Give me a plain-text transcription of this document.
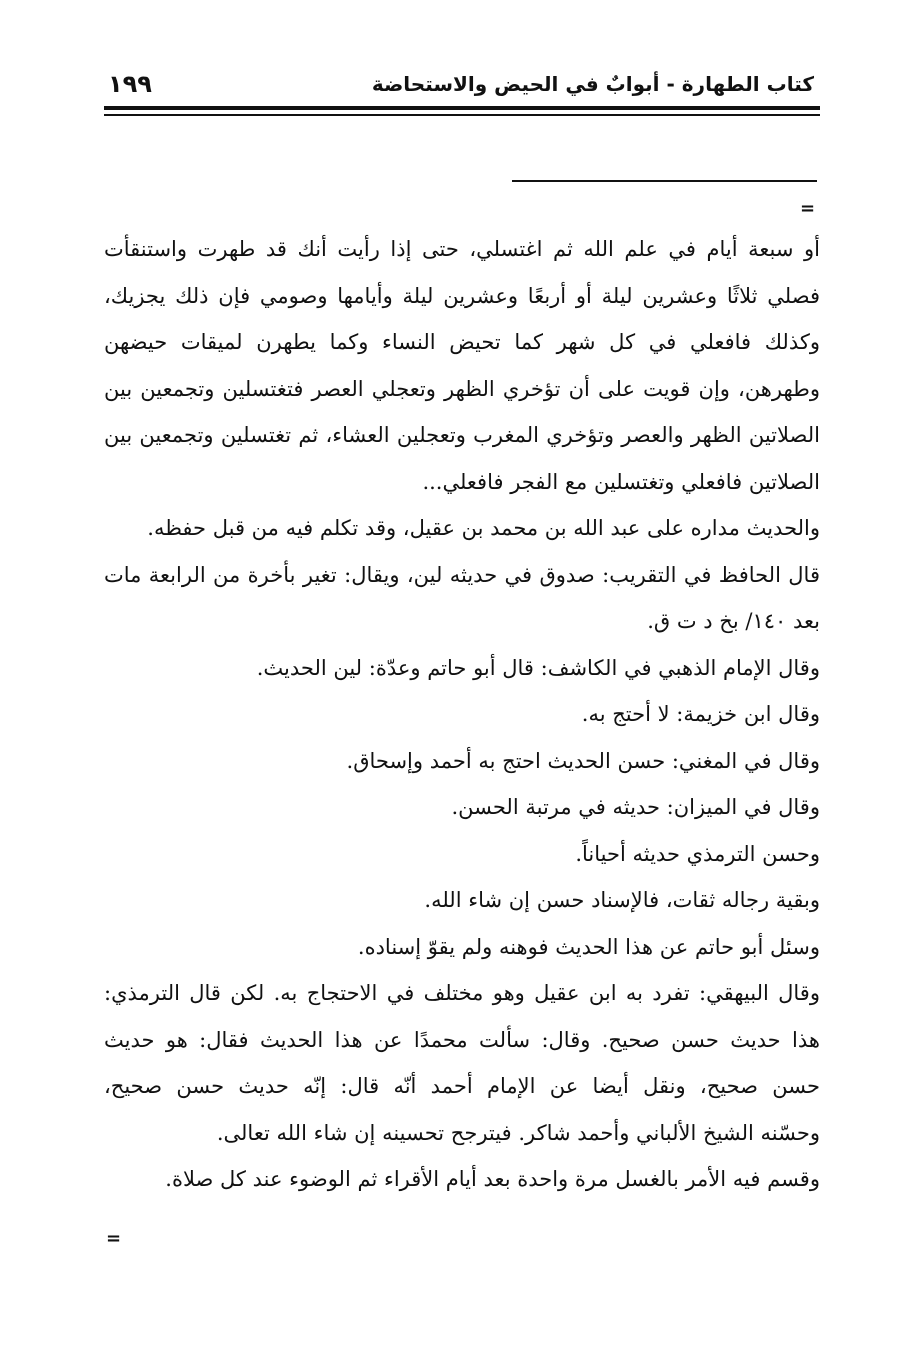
كتاب الطهارة - أبوابٌ في الحيض والاستحاضة
١٩٩
=
أو سبعة أيام في علم الله ثم اغتسلي، حتى إذا رأيت أنك قد طهرت واستنقأت
فصلي ثلاثًا وعشرين ليلة أو أربعًا وعشرين ليلة وأيامها وصومي فإن ذلك يجزيك،
وكذلك فافعلي في كل شهر كما تحيض النساء وكما يطهرن لميقات حيضهن
وطهرهن، وإن قويت على أن تؤخري الظهر وتعجلي العصر فتغتسلين وتجمعين بين
الصلاتين الظهر والعصر وتؤخري المغرب وتعجلين العشاء، ثم تغتسلين وتجمعين بين
الصلاتين فافعلي وتغتسلين مع الفجر فافعلي...
والحديث مداره على عبد الله بن محمد بن عقيل، وقد تكلم فيه من قبل حفظه.
قال الحافظ في التقريب: صدوق في حديثه لين، ويقال: تغير بأخرة من الرابعة مات
بعد ١٤٠/ بخ د ت ق.
وقال الإمام الذهبي في الكاشف: قال أبو حاتم وعدّة: لين الحديث.
وقال ابن خزيمة: لا أحتج به.
وقال في المغني: حسن الحديث احتج به أحمد وإسحاق.
وقال في الميزان: حديثه في مرتبة الحسن.
وحسن الترمذي حديثه أحياناً.
وبقية رجاله ثقات، فالإسناد حسن إن شاء الله.
وسئل أبو حاتم عن هذا الحديث فوهنه ولم يقوّ إسناده.
وقال البيهقي: تفرد به ابن عقيل وهو مختلف في الاحتجاج به. لكن قال الترمذي:
هذا حديث حسن صحيح. وقال: سألت محمدًا عن هذا الحديث فقال: هو حديث
حسن صحيح، ونقل أيضا عن الإمام أحمد أنّه قال: إنّه حديث حسن صحيح،
وحسّنه الشيخ الألباني وأحمد شاكر. فيترجح تحسينه إن شاء الله تعالى.
وقسم فيه الأمر بالغسل مرة واحدة بعد أيام الأقراء ثم الوضوء عند كل صلاة.
=
